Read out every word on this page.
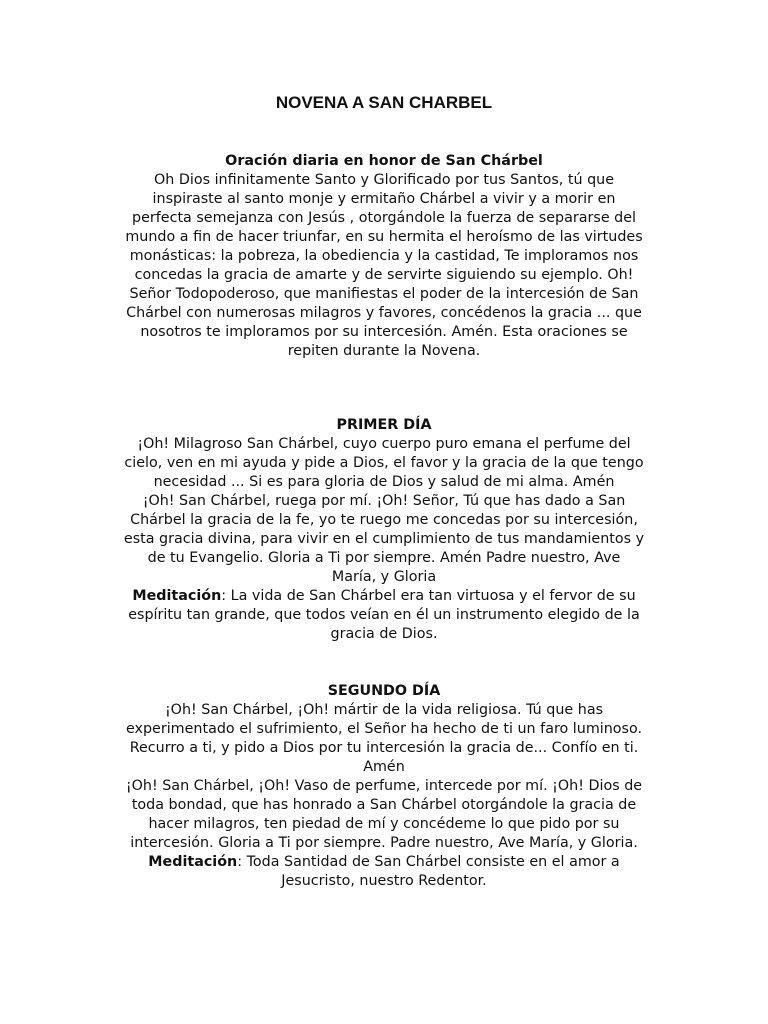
NOVENA A SAN CHARBEL
Oración diaria en honor de San Chárbel
Oh Dios infinitamente Santo y Glorificado por tus Santos, tú que
inspiraste al santo monje y ermitaño Chárbel a vivir y a morir en
perfecta semejanza con Jesús , otorgándole la fuerza de separarse del
mundo a fin de hacer triunfar, en su hermita el heroísmo de las virtudes
monásticas: la pobreza, la obediencia y la castidad, Te imploramos nos
concedas la gracia de amarte y de servirte siguiendo su ejemplo. Oh!
Señor Todopoderoso, que manifiestas el poder de la intercesión de San
Chárbel con numerosas milagros y favores, concédenos la gracia ... que
nosotros te imploramos por su intercesión. Amén. Esta oraciones se
repiten durante la Novena.
PRIMER DÍA
¡Oh! Milagroso San Chárbel, cuyo cuerpo puro emana el perfume del
cielo, ven en mi ayuda y pide a Dios, el favor y la gracia de la que tengo
necesidad ... Si es para gloria de Dios y salud de mi alma. Amén
¡Oh! San Chárbel, ruega por mí. ¡Oh! Señor, Tú que has dado a San
Chárbel la gracia de la fe, yo te ruego me concedas por su intercesión,
esta gracia divina, para vivir en el cumplimiento de tus mandamientos y
de tu Evangelio. Gloria a Ti por siempre. Amén Padre nuestro, Ave
María, y Gloria
Meditación: La vida de San Chárbel era tan virtuosa y el fervor de su
espíritu tan grande, que todos veían en él un instrumento elegido de la
gracia de Dios.
SEGUNDO DÍA
¡Oh! San Chárbel, ¡Oh! mártir de la vida religiosa. Tú que has
experimentado el sufrimiento, el Señor ha hecho de ti un faro luminoso.
Recurro a ti, y pido a Dios por tu intercesión la gracia de... Confío en ti.
Amén
¡Oh! San Chárbel, ¡Oh! Vaso de perfume, intercede por mí. ¡Oh! Dios de
toda bondad, que has honrado a San Chárbel otorgándole la gracia de
hacer milagros, ten piedad de mí y concédeme lo que pido por su
intercesión. Gloria a Ti por siempre. Padre nuestro, Ave María, y Gloria.
Meditación: Toda Santidad de San Chárbel consiste en el amor a
Jesucristo, nuestro Redentor.
